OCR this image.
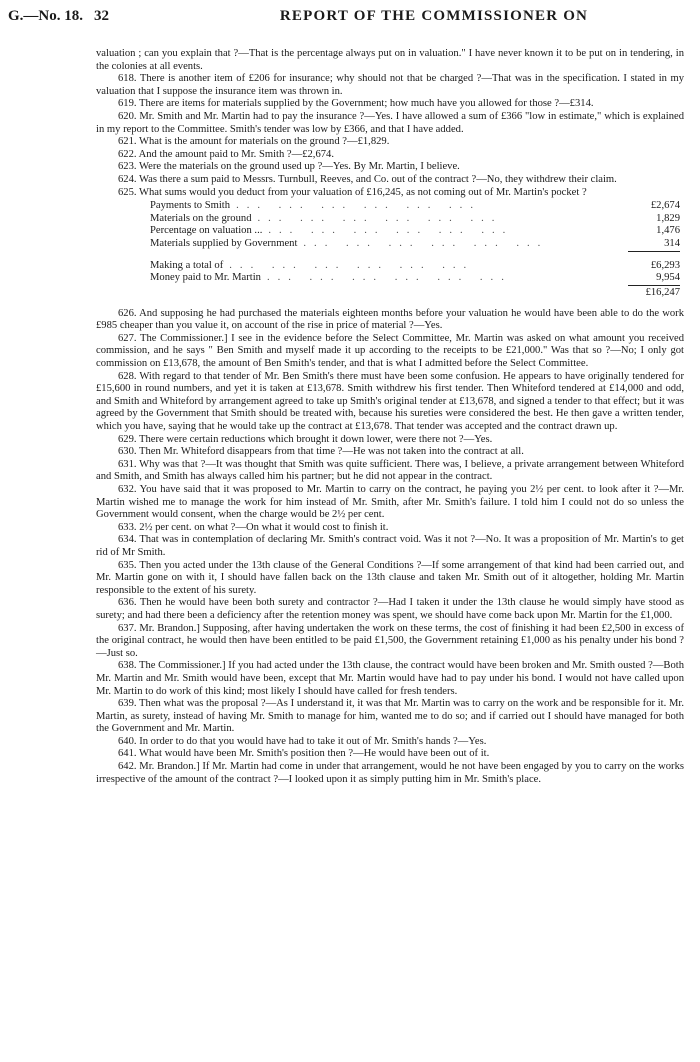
G.—No. 18. 32	REPORT OF THE COMMISSIONER ON

valuation ; can you explain that ?—That is the percentage always put on in valuation." I have never known it to be put on in tendering, in the colonies at all events.

618. There is another item of £206 for insurance; why should not that be charged ?—That was in the specification. I stated in my valuation that I suppose the insurance item was thrown in.

619. There are items for materials supplied by the Government; how much have you allowed for those ?—£314.

620. Mr. Smith and Mr. Martin had to pay the insurance ?—Yes. I have allowed a sum of £366 "low in estimate," which is explained in my report to the Committee. Smith's tender was low by £366, and that I have added.

621. What is the amount for materials on the ground ?—£1,829.

622. And the amount paid to Mr. Smith ?—£2,674.

623. Were the materials on the ground used up ?—Yes. By Mr. Martin, I believe.

624. Was there a sum paid to Messrs. Turnbull, Reeves, and Co. out of the contract ?—No, they withdrew their claim.

625. What sums would you deduct from your valuation of £16,245, as not coming out of Mr. Martin's pocket ?

Payments to Smith ... ... ... ... ... ...	£2,674
Materials on the ground ... ... ... ... ... ...	1,829
Percentage on valuation ... ... ... ... ... ... ...	1,476
Materials supplied by Government ... ... ... ... ... ...	314
Making a total of ... ... ... ... ... ...	£6,293
Money paid to Mr. Martin ... ... ... ... ... ...	9,954
£16,247

626. And supposing he had purchased the materials eighteen months before your valuation he would have been able to do the work £985 cheaper than you value it, on account of the rise in price of material ?—Yes.

627. The Commissioner.] I see in the evidence before the Select Committee, Mr. Martin was asked on what amount you received commission, and he says " Ben Smith and myself made it up according to the receipts to be £21,000." Was that so ?—No; I only got commission on £13,678, the amount of Ben Smith's tender, and that is what I admitted before the Select Committee.

628. With regard to that tender of Mr. Ben Smith's there must have been some confusion. He appears to have originally tendered for £15,600 in round numbers, and yet it is taken at £13,678. Smith withdrew his first tender. Then Whiteford tendered at £14,000 and odd, and Smith and Whiteford by arrangement agreed to take up Smith's original tender at £13,678, and signed a tender to that effect; but it was agreed by the Government that Smith should be treated with, because his sureties were considered the best. He then gave a written tender, which you have, saying that he would take up the contract at £13,678. That tender was accepted and the contract drawn up.

629. There were certain reductions which brought it down lower, were there not ?—Yes.

630. Then Mr. Whiteford disappears from that time ?—He was not taken into the contract at all.

631. Why was that ?—It was thought that Smith was quite sufficient. There was, I believe, a private arrangement between Whiteford and Smith, and Smith has always called him his partner; but he did not appear in the contract.

632. You have said that it was proposed to Mr. Martin to carry on the contract, he paying you 2½ per cent. to look after it ?—Mr. Martin wished me to manage the work for him instead of Mr. Smith, after Mr. Smith's failure. I told him I could not do so unless the Government would consent, when the charge would be 2½ per cent.

633. 2½ per cent. on what ?—On what it would cost to finish it.

634. That was in contemplation of declaring Mr. Smith's contract void. Was it not ?—No. It was a proposition of Mr. Martin's to get rid of Mr Smith.

635. Then you acted under the 13th clause of the General Conditions ?—If some arrangement of that kind had been carried out, and Mr. Martin gone on with it, I should have fallen back on the 13th clause and taken Mr. Smith out of it altogether, holding Mr. Martin responsible to the extent of his surety.

636. Then he would have been both surety and contractor ?—Had I taken it under the 13th clause he would simply have stood as surety; and had there been a deficiency after the retention money was spent, we should have come back upon Mr. Martin for the £1,000.

637. Mr. Brandon.] Supposing, after having undertaken the work on these terms, the cost of finishing it had been £2,500 in excess of the original contract, he would then have been entitled to be paid £1,500, the Government retaining £1,000 as his penalty under his bond ?—Just so.

638. The Commissioner.] If you had acted under the 13th clause, the contract would have been broken and Mr. Smith ousted ?—Both Mr. Martin and Mr. Smith would have been, except that Mr. Martin would have had to pay under his bond. I would not have called upon Mr. Martin to do work of this kind; most likely I should have called for fresh tenders.

639. Then what was the proposal ?—As I understand it, it was that Mr. Martin was to carry on the work and be responsible for it. Mr. Martin, as surety, instead of having Mr. Smith to manage for him, wanted me to do so; and if carried out I should have managed for both the Government and Mr. Martin.

640. In order to do that you would have had to take it out of Mr. Smith's hands ?—Yes.

641. What would have been Mr. Smith's position then ?—He would have been out of it.

642. Mr. Brandon.] If Mr. Martin had come in under that arrangement, would he not have been engaged by you to carry on the works irrespective of the amount of the contract ?—I looked upon it as simply putting him in Mr. Smith's place.
